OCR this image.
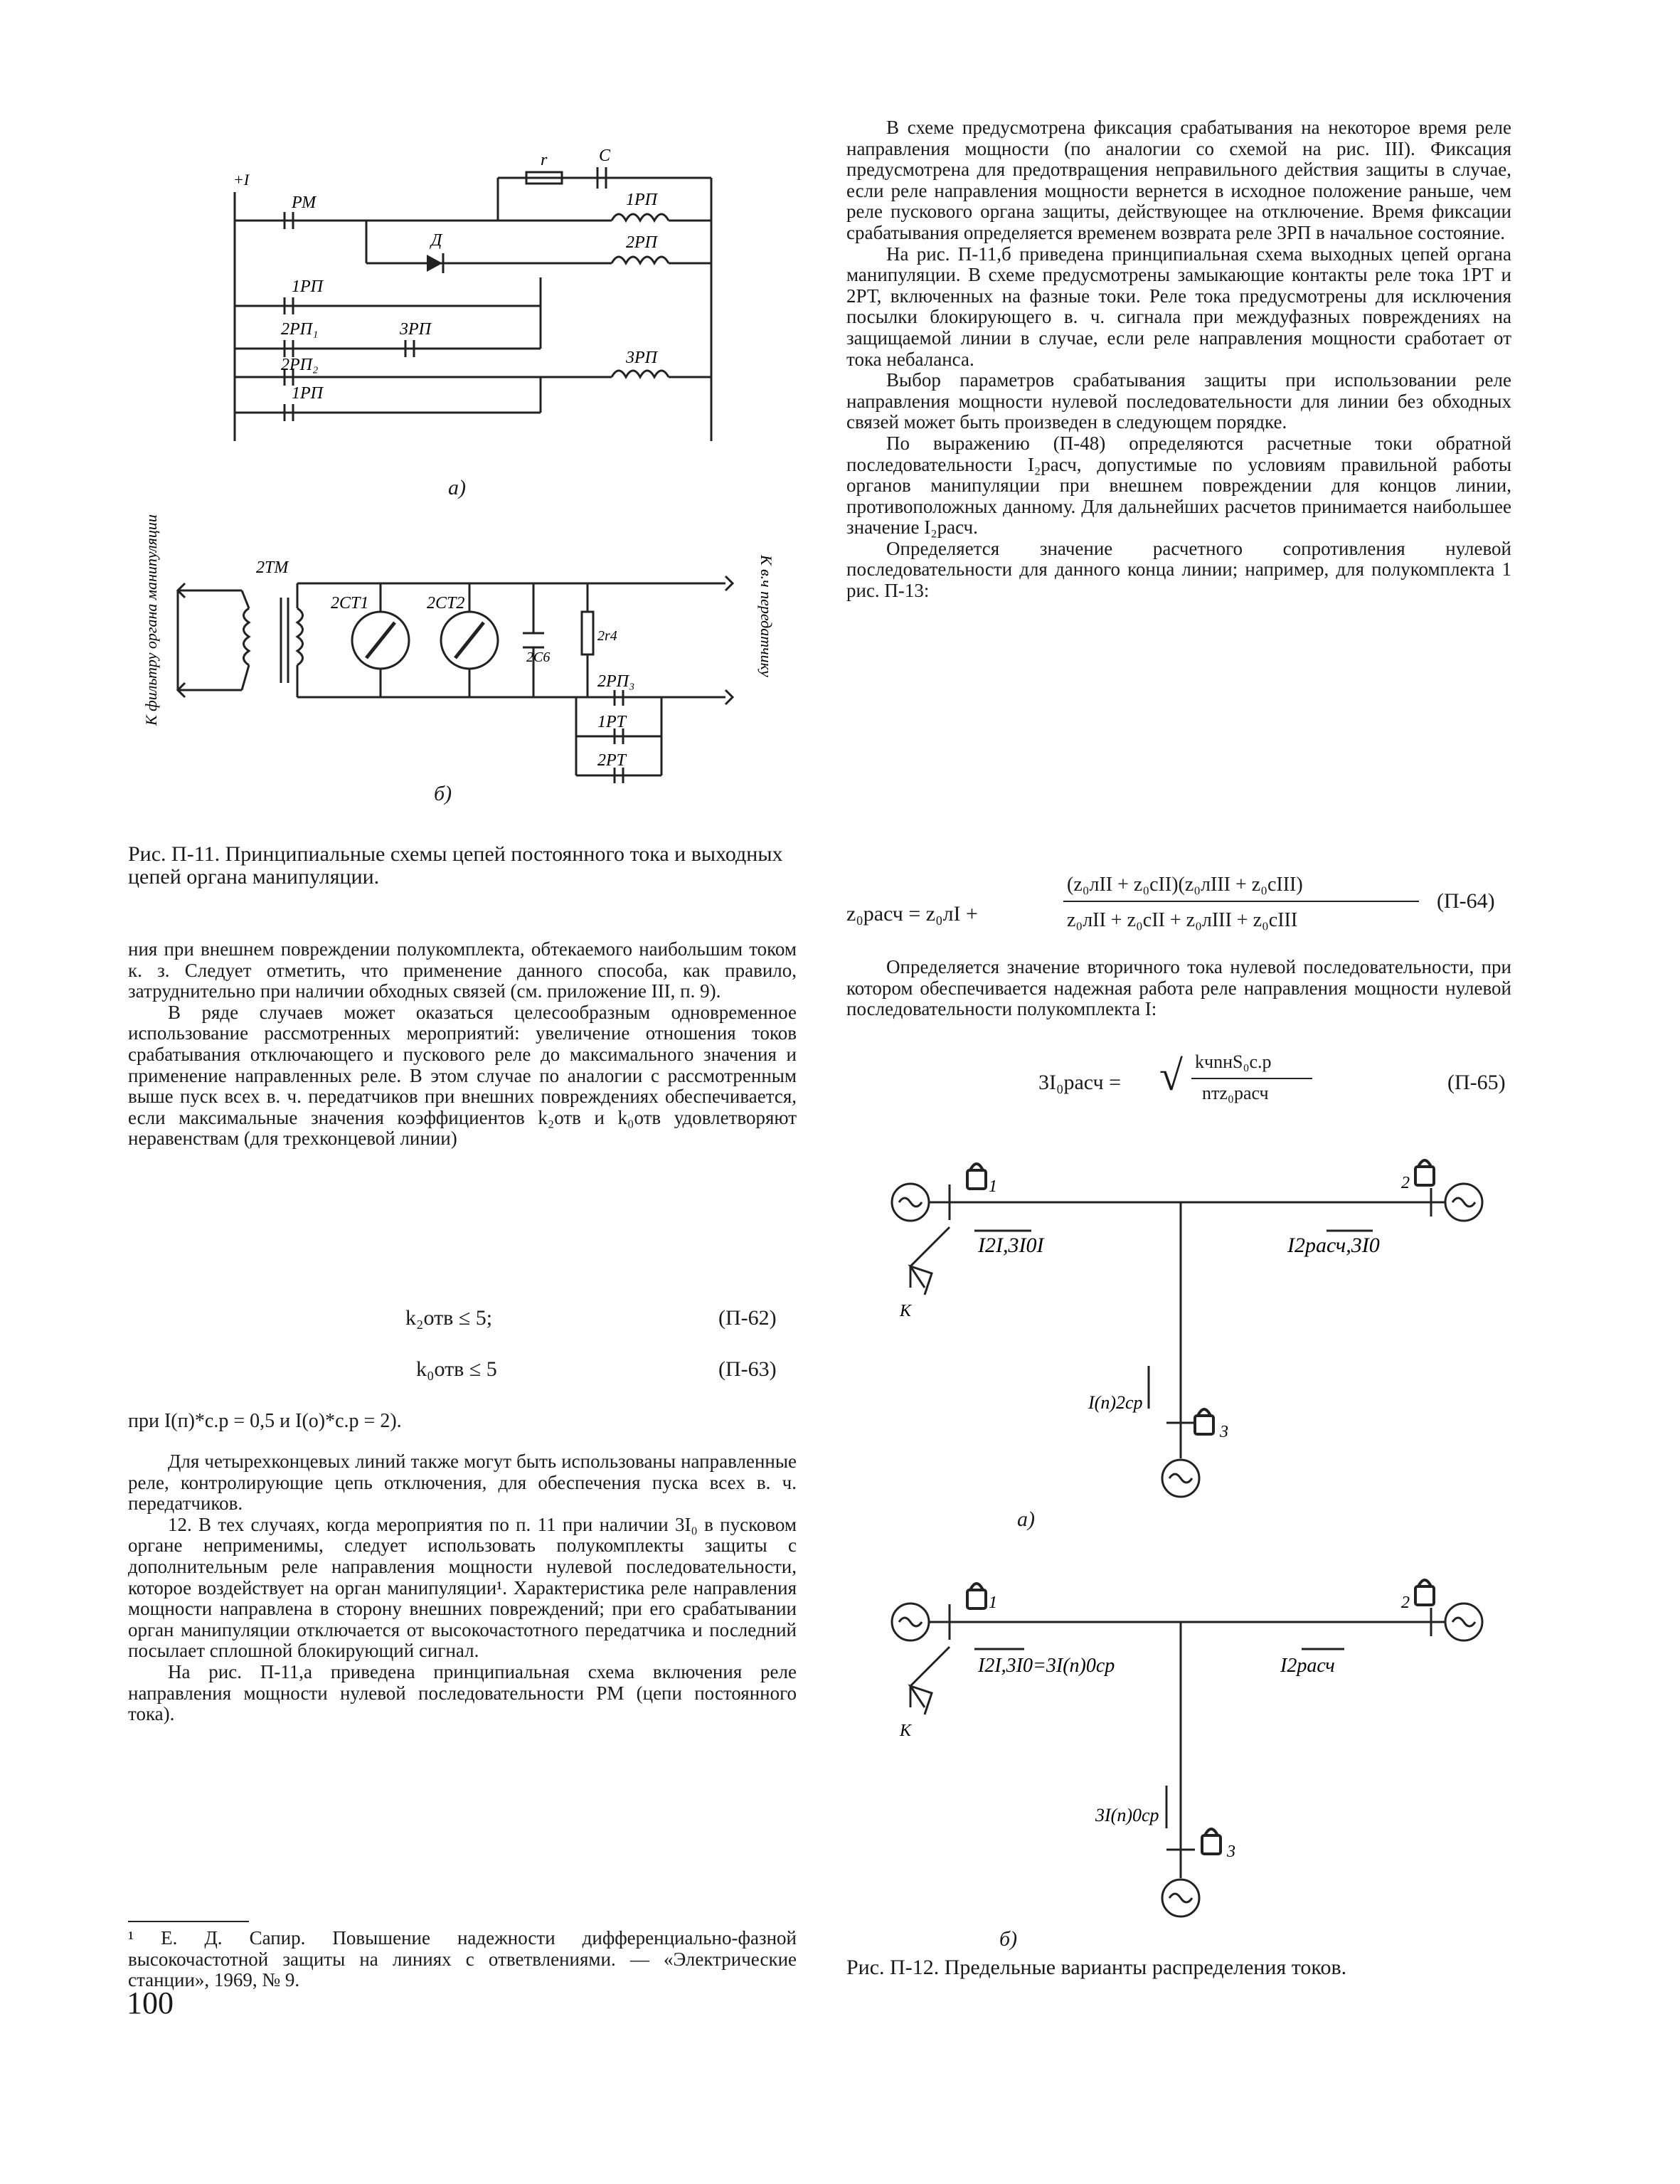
+І
РМ
r	C
1РП
Д	2РП
1РП
2РП₁	3РП
2РП₂	3РП
1РП
а)
2ТМ
2СТ1	2СТ2
2С6
2r4
2РП₃
1РТ
2РТ
К фильтру органа манипуляции	К в.ч передатчику
б)
Рис. П-11. Принципиальные схемы цепей постоянного тока и выходных цепей органа манипуляции.

ния при внешнем повреждении полукомплекта, обтекаемого наибольшим током к. з. Следует отметить, что применение данного способа, как правило, затруднительно при наличии обходных связей (см. приложение III, п. 9).

В ряде случаев может оказаться целесообразным одновременное использование рассмотренных мероприятий: увеличение отношения токов срабатывания отключающего и пускового реле до максимального значения и применение направленных реле. В этом случае по аналогии с рассмотренным выше пуск всех в. ч. передатчиков при внешних повреждениях обеспечивается, если максимальные значения коэффициентов k₂отв и k₀отв удовлетворяют неравенствам (для трехконцевой линии)

k₂отв ≤ 5;	(П-62)
k₀отв ≤ 5	(П-63)
при I(п)*с.р = 0,5 и I(о)*с.р = 2).

Для четырехконцевых линий также могут быть использованы направленные реле, контролирующие цепь отключения, для обеспечения пуска всех в. ч. передатчиков.

12. В тех случаях, когда мероприятия по п. 11 при наличии 3I₀ в пусковом органе неприменимы, следует использовать полукомплекты защиты с дополнительным реле направления мощности нулевой последовательности, которое воздействует на орган манипуляции¹. Характеристика реле направления мощности направлена в сторону внешних повреждений; при его срабатывании орган манипуляции отключается от высокочастотного передатчика и последний посылает сплошной блокирующий сигнал.

На рис. П-11,а приведена принципиальная схема включения реле направления мощности нулевой последовательности РМ (цепи постоянного тока).

¹ Е. Д. Сапир. Повышение надежности дифференциально-фазной высокочастотной защиты на линиях с ответвлениями. — «Электрические станции», 1969, № 9.
100

В схеме предусмотрена фиксация срабатывания на некоторое время реле направления мощности (по аналогии со схемой на рис. III). Фиксация предусмотрена для предотвращения неправильного действия защиты в случае, если реле направления мощности вернется в исходное положение раньше, чем реле пускового органа защиты, действующее на отключение. Время фиксации срабатывания определяется временем возврата реле 3РП в начальное состояние.

На рис. П-11,б приведена принципиальная схема выходных цепей органа манипуляции. В схеме предусмотрены замыкающие контакты реле тока 1РТ и 2РТ, включенных на фазные токи. Реле тока предусмотрены для исключения посылки блокирующего в. ч. сигнала при междуфазных повреждениях на защищаемой линии в случае, если реле направления мощности сработает от тока небаланса.

Выбор параметров срабатывания защиты при использовании реле направления мощности нулевой последовательности для линии без обходных связей может быть произведен в следующем порядке.

По выражению (П-48) определяются расчетные токи обратной последовательности I₂расч, допустимые по условиям правильной работы органов манипуляции при внешнем повреждении для концов линии, противоположных данному. Для дальнейших расчетов принимается наибольшее значение I₂расч.

Определяется значение расчетного сопротивления нулевой последовательности для данного конца линии; например, для полукомплекта 1 рис. П-13:

z₀расч = z₀лI +
(z₀лII + z₀сII)(z₀лIII + z₀сIII)
z₀лII + z₀сII + z₀лIII + z₀сIII
(П-64)

Определяется значение вторичного тока нулевой последовательности, при котором обеспечивается надежная работа реле направления мощности нулевой последовательности полукомплекта I:

3I₀расч = √ kчnнS₀с.р
nтz₀расч	(П-65)
1	2
3
К
I2I,3I0I	I2расч,3I0
I(п)2ср
а)
1	2
3
К
I2I,3I0=3I(п)0ср	I2расч
3I(п)0ср
б)
Рис. П-12. Предельные варианты распределения токов.
